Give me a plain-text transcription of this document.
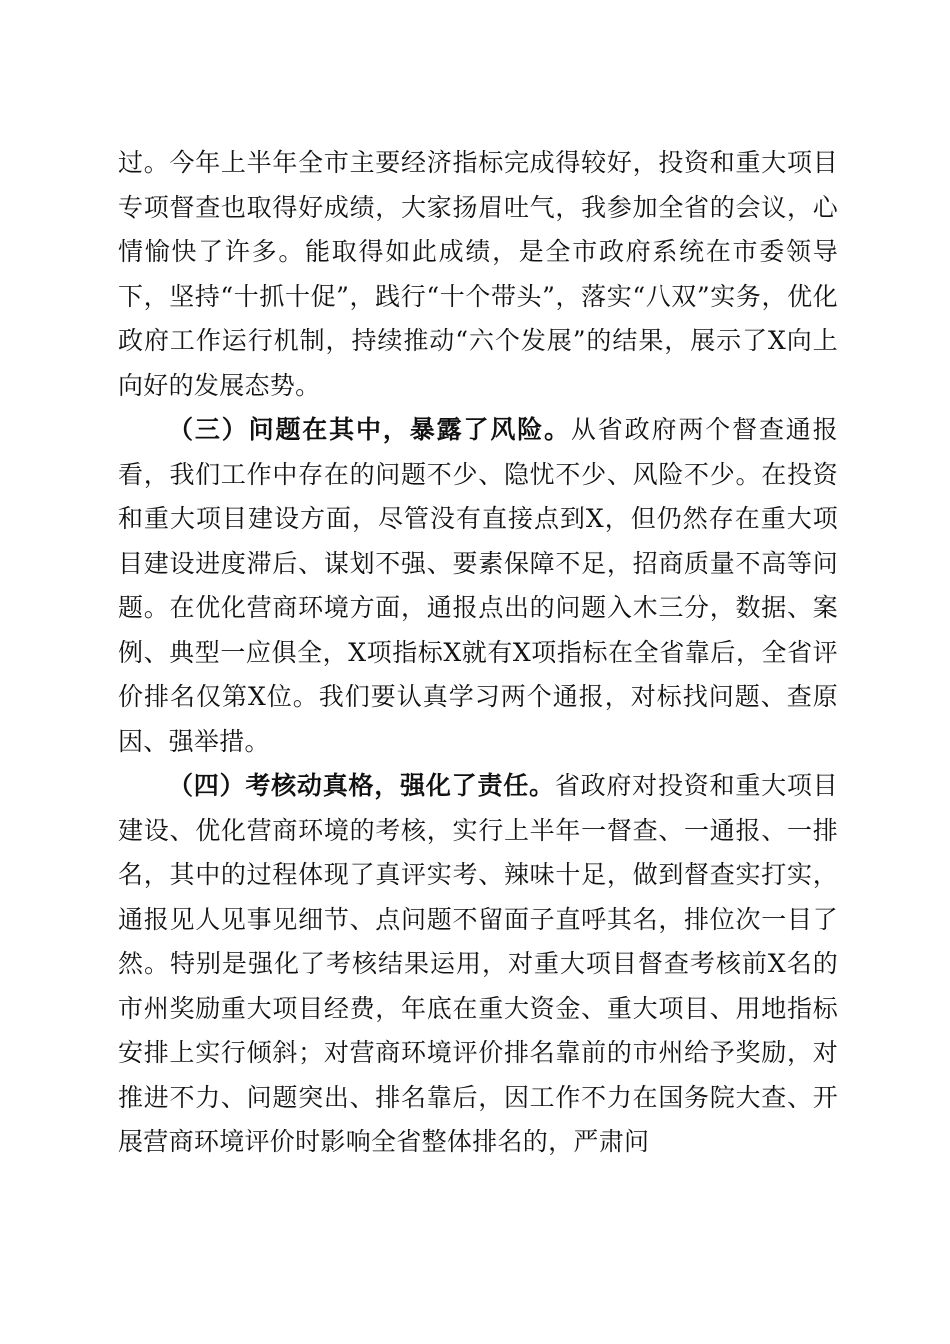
过。今年上半年全市主要经济指标完成得较好，投资和重大项目专项督查也取得好成绩，大家扬眉吐气，我参加全省的会议，心情愉快了许多。能取得如此成绩，是全市政府系统在市委领导下，坚持“十抓十促”，践行“十个带头”，落实“八双”实务，优化政府工作运行机制，持续推动“六个发展”的结果，展示了X向上向好的发展态势。

（三）问题在其中，暴露了风险。从省政府两个督查通报看，我们工作中存在的问题不少、隐忧不少、风险不少。在投资和重大项目建设方面，尽管没有直接点到X，但仍然存在重大项目建设进度滞后、谋划不强、要素保障不足，招商质量不高等问题。在优化营商环境方面，通报点出的问题入木三分，数据、案例、典型一应俱全，X项指标X就有X项指标在全省靠后，全省评价排名仅第X位。我们要认真学习两个通报，对标找问题、查原因、强举措。

（四）考核动真格，强化了责任。省政府对投资和重大项目建设、优化营商环境的考核，实行上半年一督查、一通报、一排名，其中的过程体现了真评实考、辣味十足，做到督查实打实，通报见人见事见细节、点问题不留面子直呼其名，排位次一目了然。特别是强化了考核结果运用，对重大项目督查考核前X名的市州奖励重大项目经费，年底在重大资金、重大项目、用地指标安排上实行倾斜；对营商环境评价排名靠前的市州给予奖励，对推进不力、问题突出、排名靠后，因工作不力在国务院大查、开展营商环境评价时影响全省整体排名的，严肃问
